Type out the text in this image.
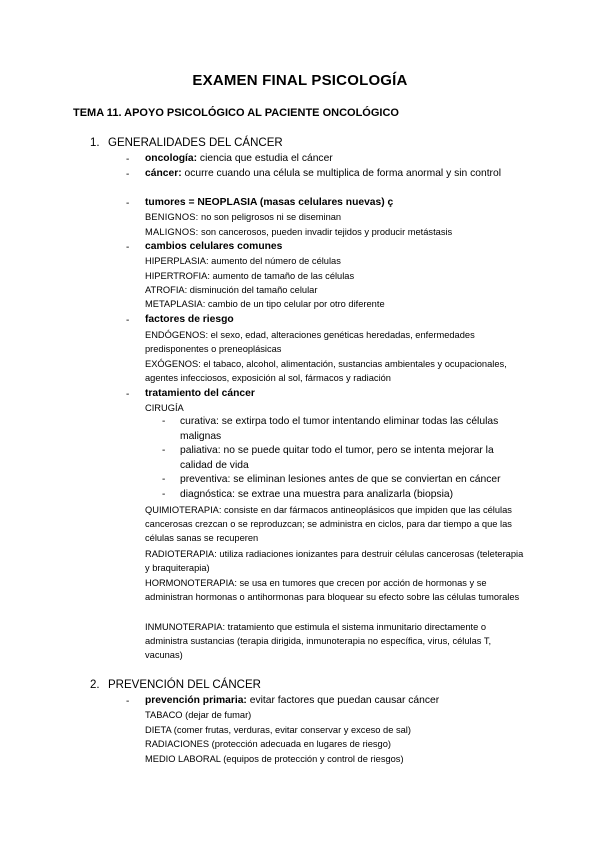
EXAMEN FINAL PSICOLOGÍA
TEMA 11. APOYO PSICOLÓGICO AL PACIENTE ONCOLÓGICO
1. GENERALIDADES DEL CÁNCER
- oncología: ciencia que estudia el cáncer
- cáncer: ocurre cuando una célula se multiplica de forma anormal y sin control
- tumores = NEOPLASIA (masas celulares nuevas) ç
BENIGNOS: no son peligrosos ni se diseminan
MALIGNOS: son cancerosos, pueden invadir tejidos y producir metástasis
- cambios celulares comunes
HIPERPLASIA: aumento del número de células
HIPERTROFIA: aumento de tamaño de las células
ATROFIA: disminución del tamaño celular
METAPLASIA: cambio de un tipo celular por otro diferente
- factores de riesgo
ENDÓGENOS: el sexo, edad, alteraciones genéticas heredadas, enfermedades predisponentes o preneoplásicas
EXÓGENOS: el tabaco, alcohol, alimentación, sustancias ambientales y ocupacionales, agentes infecciosos, exposición al sol, fármacos y radiación
- tratamiento del cáncer
CIRUGÍA
- curativa: se extirpa todo el tumor intentando eliminar todas las células malignas
- paliativa: no se puede quitar todo el tumor, pero se intenta mejorar la calidad de vida
- preventiva: se eliminan lesiones antes de que se conviertan en cáncer
- diagnóstica: se extrae una muestra para analizarla (biopsia)
QUIMIOTERAPIA: consiste en dar fármacos antineoplásicos que impiden que las células cancerosas crezcan o se reproduzcan; se administra en ciclos, para dar tiempo a que las células sanas se recuperen
RADIOTERAPIA: utiliza radiaciones ionizantes para destruir células cancerosas (teleterapia y braquiterapia)
HORMONOTERAPIA: se usa en tumores que crecen por acción de hormonas y se administran hormonas o antihormonas para bloquear su efecto sobre las células tumorales
INMUNOTERAPIA: tratamiento que estimula el sistema inmunitario directamente o administra sustancias (terapia dirigida, inmunoterapia no específica, virus, células T, vacunas)
2. PREVENCIÓN DEL CÁNCER
- prevención primaria: evitar factores que puedan causar cáncer
TABACO (dejar de fumar)
DIETA (comer frutas, verduras, evitar conservar y exceso de sal)
RADIACIONES (protección adecuada en lugares de riesgo)
MEDIO LABORAL (equipos de protección y control de riesgos)
